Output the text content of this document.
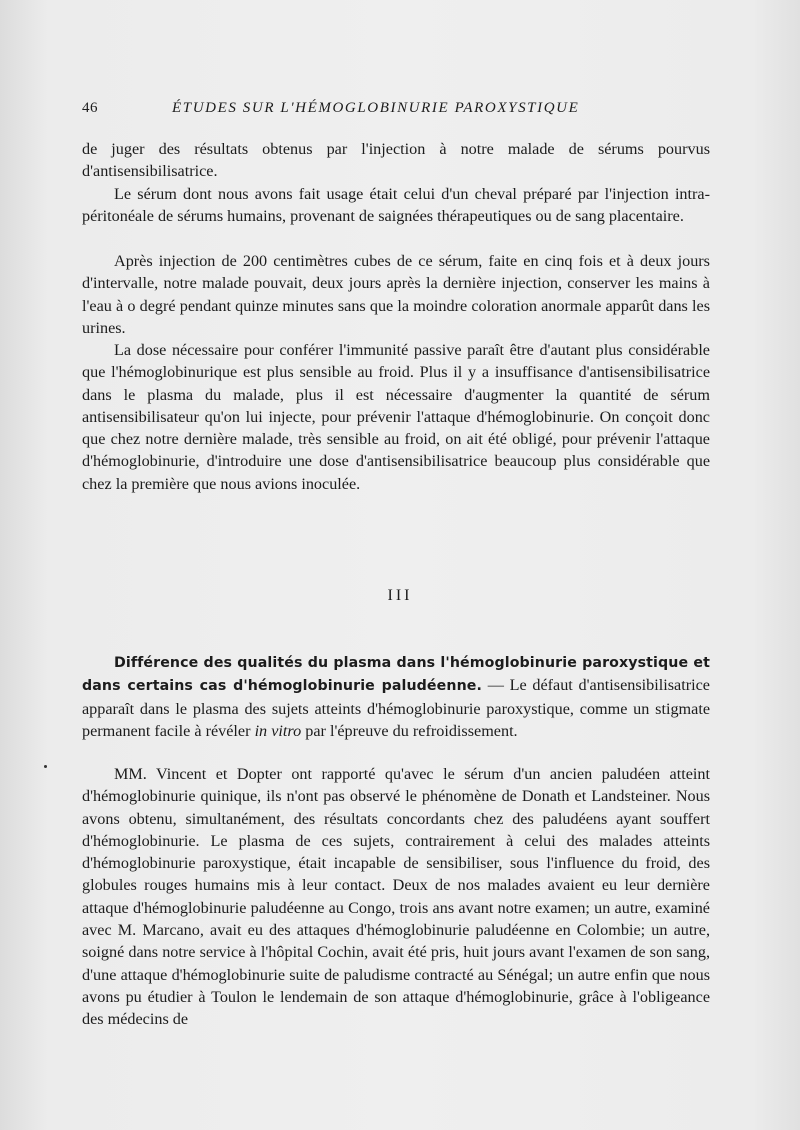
46	ÉTUDES SUR L'HÉMOGLOBINURIE PAROXYSTIQUE

de juger des résultats obtenus par l'injection à notre malade de sérums pourvus d'antisensibilisatrice.

Le sérum dont nous avons fait usage était celui d'un cheval préparé par l'injection intra-péritonéale de sérums humains, provenant de saignées thérapeutiques ou de sang placentaire.

Après injection de 200 centimètres cubes de ce sérum, faite en cinq fois et à deux jours d'intervalle, notre malade pouvait, deux jours après la dernière injection, conserver les mains à l'eau à o degré pendant quinze minutes sans que la moindre coloration anormale apparût dans les urines.

La dose nécessaire pour conférer l'immunité passive paraît être d'autant plus considérable que l'hémoglobinurique est plus sensible au froid. Plus il y a insuffisance d'antisensibilisatrice dans le plasma du malade, plus il est nécessaire d'augmenter la quantité de sérum antisensibilisateur qu'on lui injecte, pour prévenir l'attaque d'hémoglobinurie. On conçoit donc que chez notre dernière malade, très sensible au froid, on ait été obligé, pour prévenir l'attaque d'hémoglobinurie, d'introduire une dose d'antisensibilisatrice beaucoup plus considérable que chez la première que nous avions inoculée.

III

Différence des qualités du plasma dans l'hémoglobinurie paroxystique et dans certains cas d'hémoglobinurie paludéenne. — Le défaut d'antisensibilisatrice apparaît dans le plasma des sujets atteints d'hémoglobinurie paroxystique, comme un stigmate permanent facile à révéler in vitro par l'épreuve du refroidissement.

MM. Vincent et Dopter ont rapporté qu'avec le sérum d'un ancien paludéen atteint d'hémoglobinurie quinique, ils n'ont pas observé le phénomène de Donath et Landsteiner. Nous avons obtenu, simultanément, des résultats concordants chez des paludéens ayant souffert d'hémoglobinurie. Le plasma de ces sujets, contrairement à celui des malades atteints d'hémoglobinurie paroxystique, était incapable de sensibiliser, sous l'influence du froid, des globules rouges humains mis à leur contact. Deux de nos malades avaient eu leur dernière attaque d'hémoglobinurie paludéenne au Congo, trois ans avant notre examen; un autre, examiné avec M. Marcano, avait eu des attaques d'hémoglobinurie paludéenne en Colombie; un autre, soigné dans notre service à l'hôpital Cochin, avait été pris, huit jours avant l'examen de son sang, d'une attaque d'hémoglobinurie suite de paludisme contracté au Sénégal; un autre enfin que nous avons pu étudier à Toulon le lendemain de son attaque d'hémoglobinurie, grâce à l'obligeance des médecins de
